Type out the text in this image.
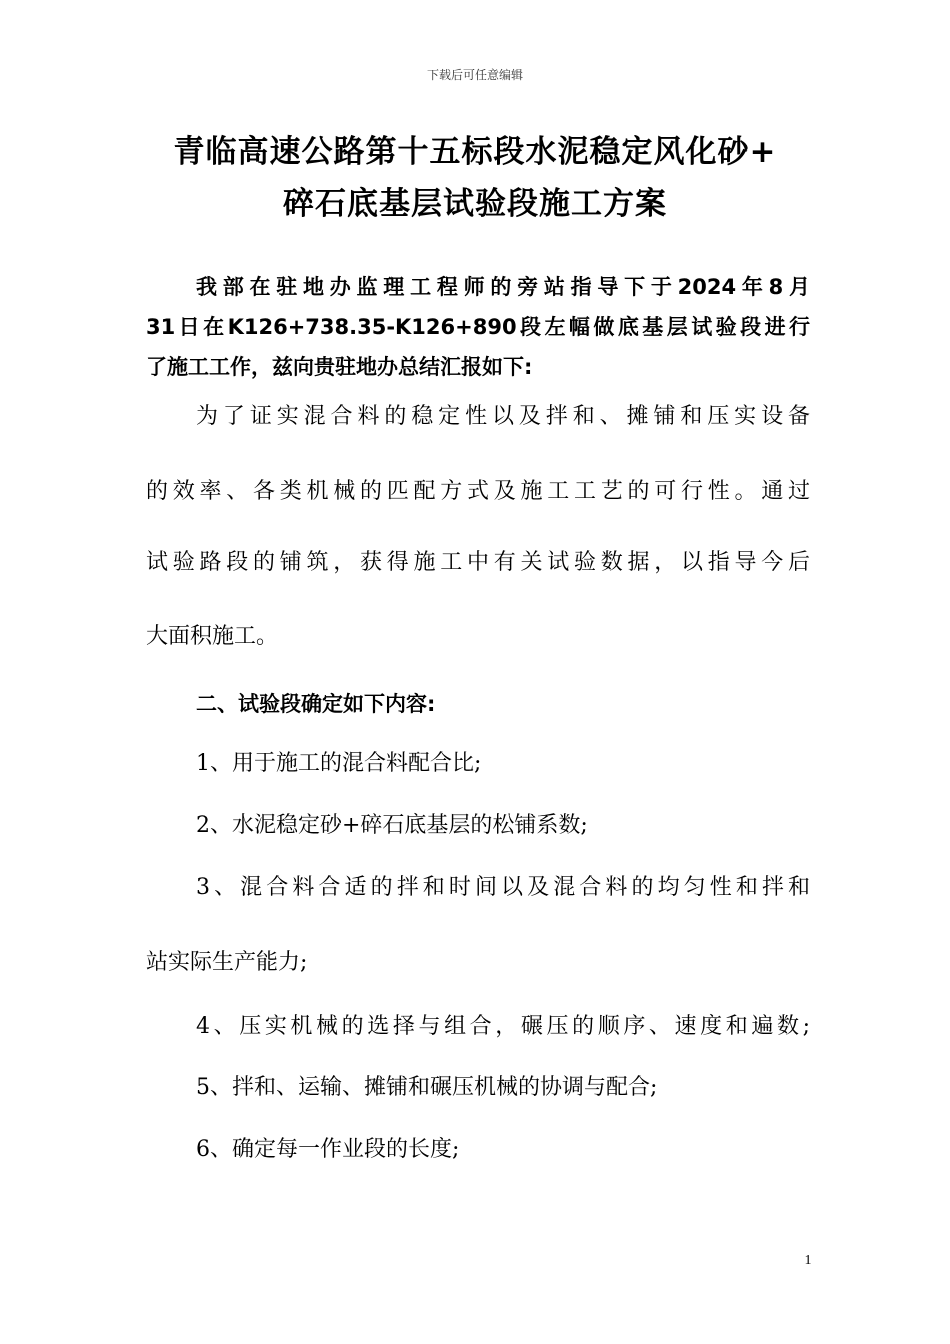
下载后可任意编辑
青临高速公路第十五标段水泥稳定风化砂+
碎石底基层试验段施工方案
我部在驻地办监理工程师的旁站指导下于2024年8月
31日在K126+738.35-K126+890段左幅做底基层试验段进行
了施工工作，兹向贵驻地办总结汇报如下:
为了证实混合料的稳定性以及拌和、摊铺和压实设备
的效率、各类机械的匹配方式及施工工艺的可行性。通过
试验路段的铺筑，获得施工中有关试验数据，以指导今后
大面积施工。
二、试验段确定如下内容:
1、用于施工的混合料配合比;
2、水泥稳定砂+碎石底基层的松铺系数;
3、混合料合适的拌和时间以及混合料的均匀性和拌和
站实际生产能力;
4、压实机械的选择与组合，碾压的顺序、速度和遍数;
5、拌和、运输、摊铺和碾压机械的协调与配合;
6、确定每一作业段的长度;
1
